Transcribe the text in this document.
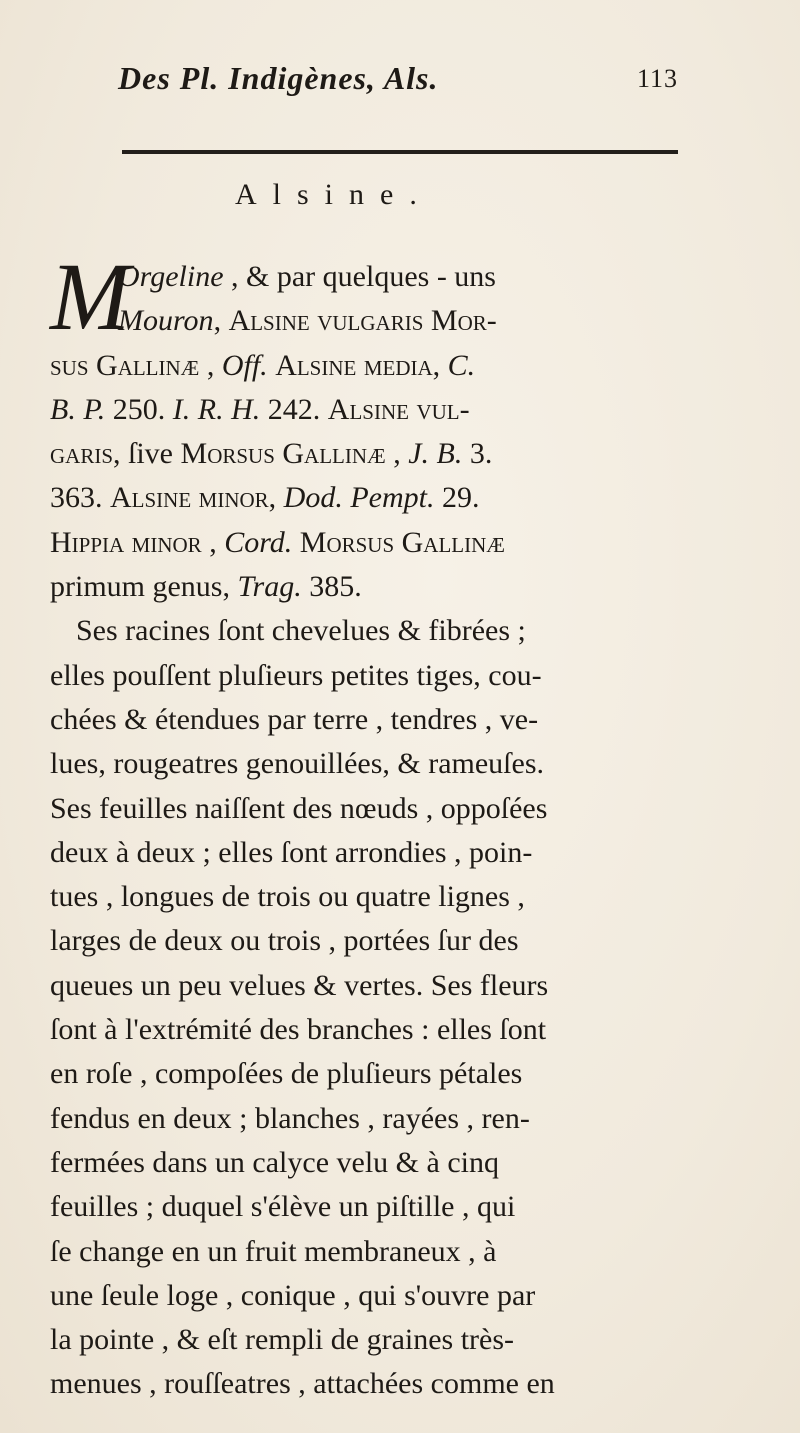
Des Pl. Indigènes, Als.	113
Alsine.
M
Orgeline , & par quelques - uns
Mouron, Alsine vulgaris Mor-
sus Gallinæ , Off. Alsine media, C.
B. P. 250. I. R. H. 242. Alsine vul-
garis, ſive Morsus Gallinæ , J. B. 3.
363. Alsine minor, Dod. Pempt. 29.
Hippia minor , Cord. Morsus Gallinæ
primum genus, Trag. 385.
Ses racines ſont chevelues & fibrées ;
elles pouſſent pluſieurs petites tiges, cou-
chées & étendues par terre , tendres , ve-
lues, rougeatres genouillées, & rameuſes.
Ses feuilles naiſſent des nœuds , oppoſées
deux à deux ; elles ſont arrondies , poin-
tues , longues de trois ou quatre lignes ,
larges de deux ou trois , portées ſur des
queues un peu velues & vertes. Ses fleurs
ſont à l'extrémité des branches : elles ſont
en roſe , compoſées de pluſieurs pétales
fendus en deux ; blanches , rayées , ren-
fermées dans un calyce velu & à cinq
feuilles ; duquel s'élève un piſtille , qui
ſe change en un fruit membraneux , à
une ſeule loge , conique , qui s'ouvre par
la pointe , & eſt rempli de graines très-
menues , rouſſeatres , attachées comme en
